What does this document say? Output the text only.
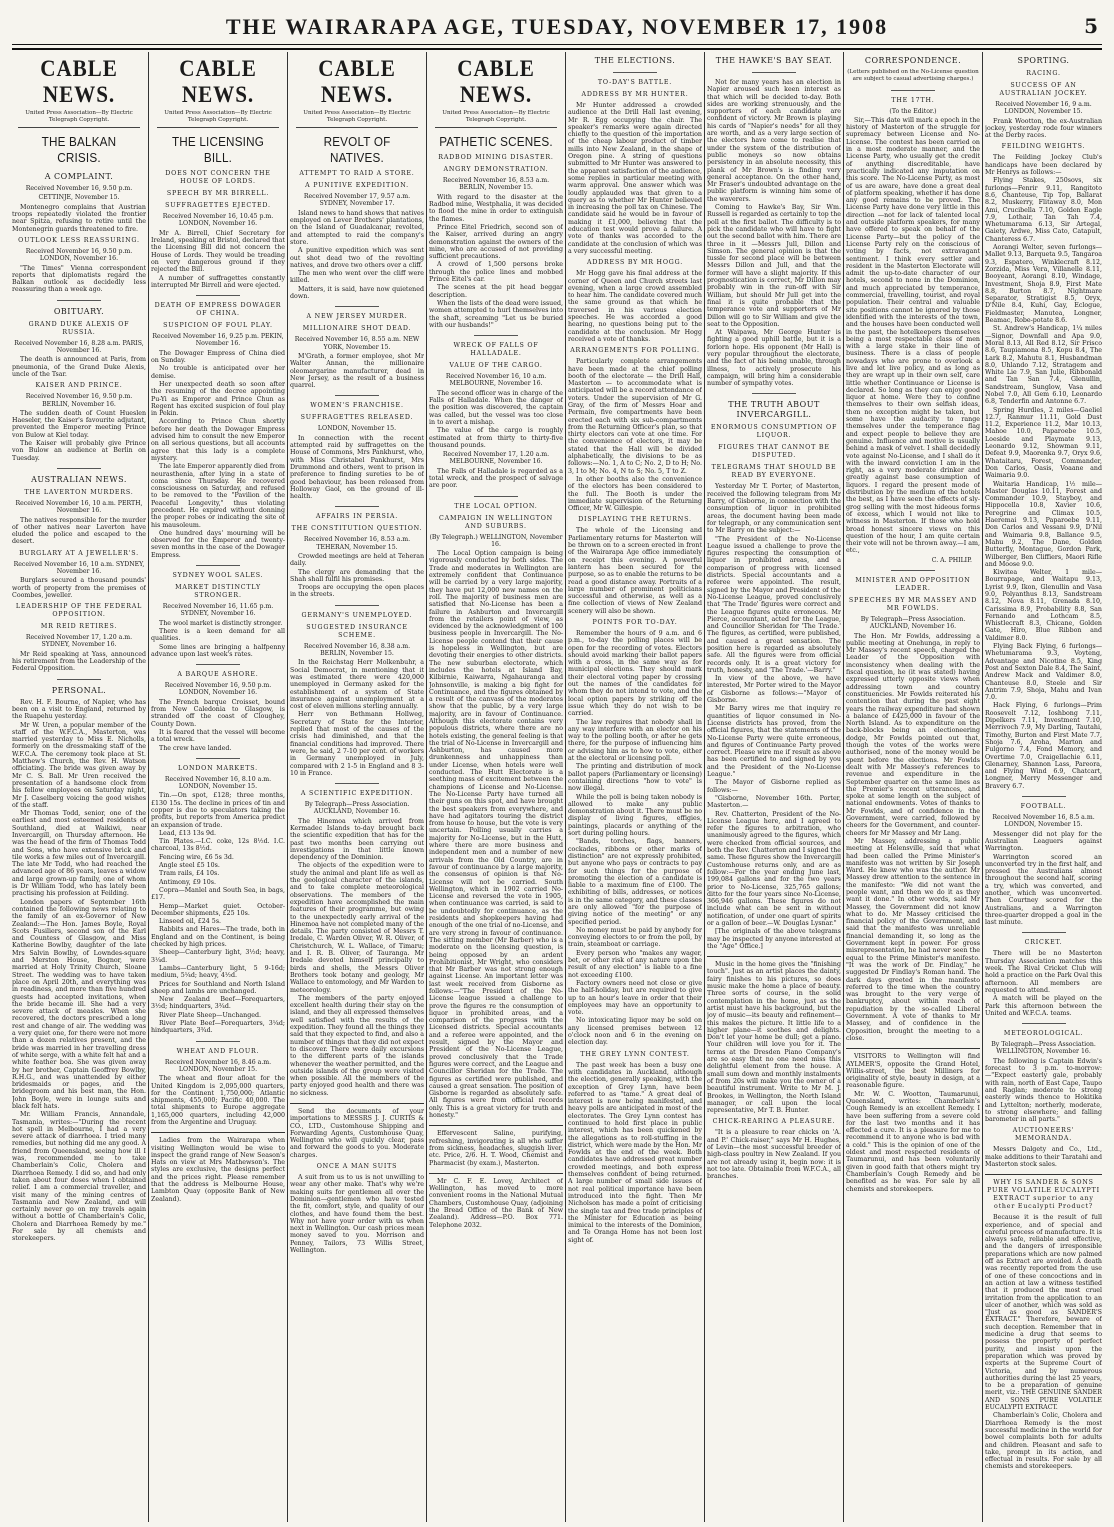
THE WAIRARAPA AGE, TUESDAY, NOVEMBER 17, 1908	5
CABLE NEWS.
United Press Association—By Electric Telegraph Copyright.
THE BALKAN CRISIS.
A COMPLAINT.
Received November 16, 9.50 p.m.
CETTINJE, November 15.

Montenegro complains that Austrian troops repeatedly violated the frontier near Spitza, refusing to retire until the Montenegrin guards threatened to fire.

OUTLOOK LESS REASSURING.
Received November 16, 9.50 p.m. LONDON, November 16.

"The Times" Vienna correspondent reports that diplomatists regard the Balkan outlook as decidedly less reassuring than a week ago.

OBITUARY.
GRAND DUKE ALEXIS OF RUSSIA.
Received November 16, 8.28 a.m. PARIS, November 16.

The death is announced at Paris, from pneumonia, of the Grand Duke Alexis, uncle of the Tsar.

KAISER AND PRINCE.
Received November 16, 9.50 p.m. BERLIN, November 16.

The sudden death of Count Hueslen Haeseler, the Kaiser's favourite adjutant, prevented the Emperor meeting Prince von Bulow at Kiel today.

The Kaiser will probably give Prince von Bulow an audience at Berlin on Tuesday.

AUSTRALIAN NEWS.
THE LAVERTON MURDERS.
Received November 16, 10 a.m. PERTH, November 16.

The natives responsible for the murder of other natives near Laverton have eluded the police and escaped to the desert.

BURGLARY AT A JEWELLER'S.
Received November 16, 10 a.m. SYDNEY, November 16.

Burglars secured a thousand pounds' worth of property from the premises of Coombes, jeweller.

LEADERSHIP OF THE FEDERAL OPPOSITION.
MR REID RETIRES.
Received November 17, 1.20 a.m. SYDNEY, November 16.

Mr Reid speaking at Yass, announced his retirement from the Leadership of the Federal Opposition.

PERSONAL.

Rev. H. F. Bourne, of Napier, who has been on a visit to England, returned by the Ruapehu yesterday.

Mr W. Uren, a popular member of the staff of the W.F.C.A., Masterton, was married yesterday to Miss E. Nicholls, formerly on the dressmaking staff of the W.F.C.A. The ceremony took place at St. Matthew's Church, the Rev. H. Watson officiating. The bride was given away by Mr C. S. Ball. Mr Uren received the presentation of a handsome clock from his fellow employees on Saturday night, Mr J. Caselberg voicing the good wishes of the staff.

Mr Thomas Todd, senior, one of the earliest and most esteemed residents of Southland, died at Waikiwi, near Invercargill, on Thursday afternoon. He was the head of the firm of Thomas Todd and Sons, who have extensive brick and tile works a few miles out of Invercargill. The late Mr Todd, who had reached the advanced age of 86 years, leaves a widow and large grown-up family, one of whom is Dr William Todd, who has lately been practising his profession at Feilding.

London papers of September 16th contained the following news relating to the family of an ex-Governor of New Zealand:—The Hon. James Boyle, Royal Scots Fusiliers, second son of the Earl and Countess of Glasgow, and Miss Katherine Bowlby, daughter of the late Mrs Salvin Bowlby, of Lowndes-square and Merston House, Bognor, were married at Holy Trinity Church, Sloane Street. The wedding was to have taken place on April 20th, and everything was in readiness, and more than five hundred guests had accepted invitations, when the bride became ill. She had a very severe attack of measles. When she recovered, the doctors prescribed a long rest and change of air. The wedding was a very quiet one, for there were not more than a dozen relatives present, and the bride was married in her travelling dress of white serge, with a white felt hat and a white feather boa. She was given away by her brother, Captain Geoffrey Bowlby, R.H.G., and was unattended by either bridesmaids or pages, and the bridegroom and his best man, the Hon. John Boyle, were in lounge suits and black felt hats.

Mr. William Francis, Annandale, Tasmania, writes:—"During the recent hot spell in Melbourne, I had a very severe attack of diarrhoea. I tried many remedies, but nothing did me any good. A friend from Queensland, seeing how ill I was, recommended me to take Chamberlain's Colic, Cholera and Diarrhoea Remedy. I did so, and had only taken about four doses when I obtained relief. I am a commercial traveller, and visit many of the mining centres of Tasmania and New Zealand, and will certainly never go on my travels again without a bottle of Chamberlain's Colic, Cholera and Diarrhoea Remedy by me." For sale by all chemists and storekeepers.

CABLE NEWS.
United Press Association—By Electric Telegraph Copyright.
THE LICENSING BILL.
DOES NOT CONCERN THE HOUSE OF LORDS.
SPEECH BY MR BIRRELL.
SUFFRAGETTES EJECTED.
Received November 16, 10.45 p.m. LONDON, November 16.

Mr A. Birrell, Chief Secretary for Ireland, speaking at Bristol, declared that the Licensing Bill did not concern the House of Lords. They would be treading on very dangerous ground if they rejected the Bill.

A number of suffragettes constantly interrupted Mr Birrell and were ejected.

DEATH OF EMPRESS DOWAGER OF CHINA.
SUSPICION OF FOUL PLAY.
Received November 16, 9.25 p.m. PEKIN, November 16.

The Dowager Empress of China died on Sunday.

No trouble is anticipated over her demise.

Her unexpected death so soon after the resuming of the decree appointing Pu-Yi as Emperor and Prince Chun as Regent has excited suspicion of foul play in Pekin.

According to Prince Chun shortly before her death the Dowager Empress advised him to consult the new Emperor on all serious questions, but all accounts agree that this lady is a complete mystery.

The late Emperor apparently died from neurasthenia, after lying in a state of coma since Thursday. He recovered consciousness on Saturday, and refused to be removed to the "Pavilion of the Peaceful Longevity," thus violating precedent. He expired without donning the proper robes or indicating the site of his mausoleum.

One hundred days' mourning will be observed for the Emperor and twenty-seven months in the case of the Dowager Empress.

SYDNEY WOOL SALES.
MARKET DISTINCTLY STRONGER.
Received November 16, 11.65 p.m. SYDNEY, November 16.

The wool market is distinctly stronger.

There is a keen demand for all qualities.

Some lines are bringing a halfpenny advance upon last week's rates.

A BARQUE ASHORE.
Received November 16, 9.50 p.m. LONDON, November 16.

The French barque Croisset, bound from New Caledonia to Glasgow, is stranded off the coast of Cloughey, County Down.

It is feared that the vessel will become a total wreck.

The crew have landed.

LONDON MARKETS.
Received November 16, 8.10 a.m. LONDON, November 15.

Tin.—On spot, £128; three months, £130 15s. The decline in prices of tin and copper is due to speculators taking the profits, but reports from America predict an expansion of trade.

Lead, £13 13s 9d.

Tin Plates.—I.C. coke, 12s 8½d. I.C. charcoal, 13s 8½d.

Fencing wire, £6 5s 3d.

Angle steel £5 10s.

Tram rails, £4 10s.

Antimony, £9 10s.

Copra—Manlel and South Sea, in bags, £17.

Hemp—Market quiet. October-December shipments, £25 10s.

Linseed oil, £24 5s.

Rabbits and Hares—The trade, both in England and on the Continent, is being checked by high prices.

Sheep—Canterbury light, 3½d; heavy, 3¼d.

Lambs—Canterbury light, 5 9-16d; medium, 5¼d; heavy, 4½d.

Prices for Southland and North Island sheep and lambs are unchanged.

New Zealand Beef—Forequarters, 3½d; hindquarters, 3¾d.

River Plate Sheep—Unchanged.

River Plate Beef—Forequarters, 3¼d; hindquarters, 3¾d.

WHEAT AND FLOUR.
Received November 16, 8.46 a.m. LONDON, November 15.

The wheat and flour afloat for the United Kingdom is 2,095,000 quarters, for the Continent 1,750,000; Atlantic shipments, 455,000; Pacific 40,000. The total shipments to Europe aggregate 1,165,000 quarters, including 42,000 from the Argentine and Uruguay.

Ladies from the Wairarapa when visiting Wellington would be wise to inspect the grand range of New Season's Hats on view at Mrs Mathewson's. The styles are exclusive, the designs perfect and the prices right. Please remember that the address is Melbourne House, Lambton Quay (opposite Bank of New Zealand).

CABLE NEWS.
United Press Association—By Electric Telegraph Copyright.
REVOLT OF NATIVES.
ATTEMPT TO RAID A STORE.
A PUNITIVE EXPEDITION.
Received November 17, 9.57 a.m. SYDNEY, November 17.

Island news to hand shows that natives employed on Lever Brothers' plantations, on the Island of Guadalcanar, revolted, and attempted to raid the company's store.

A punitive expedition which was sent out shot dead two of the revolting natives, and drove two others over a cliff.

The men who went over the cliff were killed.

Matters, it is said, have now quietened down.

A NEW JERSEY MURDER.
MILLIONAIRE SHOT DEAD.
Received November 16, 8.55 a.m. NEW YORK, November 15.

M'Grath, a former employee, shot Mr Walter Annan, the millionaire oleomargarine manufacturer, dead in New Jersey, as the result of a business quarrel.

WOMEN'S FRANCHISE.
SUFFRAGETTES RELEASED.
LONDON, November 15.

In connection with the recent attempted raid by suffragettes on the House of Commons, Mrs Pankhurst, who, with Miss Christabel Pankhurst, Mrs Drummond and others, went to prison in preference to finding sureties to be of good behaviour, has been released from Holloway Gaol, on the ground of ill-health.

AFFAIRS IN PERSIA.
THE CONSTITUTION QUESTION.
Received November 16, 8.53 a.m. TEHERAN, November 15.

Crowded meetings are held at Teheran daily.

The clergy are demanding that the Shah shall fulfil his promises.

Troops are occupying the open places in the streets.

GERMANY'S UNEMPLOYED.
SUGGESTED INSURANCE SCHEME.
Received November 16, 8.38 a.m. BERLIN, November 15.

In the Reichstag Herr Molkenbuhr, a Social Democrat, in mentioning that it was estimated there were 420,000 unemployed in Germany asked for the establishment of a system of State insurance against unemployment at a cost of eleven millions sterling annually.

Herr von Bethmann Hollweg, Secretary of State for the Interior, replied that most of the causes of the crisis had diminished, and that the financial conditions had improved. There were, he said, 2 7-10 per cent. of workers in Germany unemployed in July, compared with 2 1-5 in England and 8 3-10 in France.

A SCIENTIFIC EXPEDITION.
By Telegraph—Press Association. AUCKLAND, November 16.

The Hinemoa which arrived from Kermadec Islands to-day brought back the scientific expedition that has for the past two months been carrying out investigations in that little known dependency of the Dominion.

The objects of the expedition were to study the animal and plant life as well as the geological character of the islands, and to take complete meteorological observations. The members of the expedition have accomplished the main features of their programme, but owing to the unexpectedly early arrival of the Hinemoa have not completed many of the details. The party consisted of Messrs T. Iredale, C. Warden Oliver, W. R. Oliver, of Christchurch, W. L. Wallace, of Timaru; and I. R. B. Oliver, of Tauranga. Mr Iredale devoted himself principally to birds and shells, the Messrs Oliver Brothers took botany and geology, Mr Wallace to entomology, and Mr Warden to meteorology.

The members of the party enjoyed excellent health during their stay on the island, and they all expressed themselves well satisfied with the results of the expedition. They found all the things they said that they expected to find, and also a number of things that they did not expect to discover. There were daily excursions to the different parts of the islands whenever the weather permitted, and the outside islands of the group were visited when possible. All the members of the party enjoyed good health and there was no sickness.

Send the documents of your importations to MESSRS J. J. CURTIS & CO., LTD., Customhouse Shipping and Forwarding Agents, Customhouse Quay, Wellington who will quickly clear, pass and forward the goods to you. Moderate charges.

ONCE A MAN SUITS

A suit from us to us is not unwilling to wear any other make. That's why we're making suits for gentlemen all over the Dominion—gentlemen who have tested the fit, comfort, style, and quality of our clothes, and have found them the best. Why not have your order with us when next in Wellington. Our cash prices mean money saved to you. Morrison and Penney, Tailors, 73 Willis Street, Wellington.

CABLE NEWS.
United Press Association—By Electric Telegraph Copyright.
PATHETIC SCENES.
RADBOD MINING DISASTER.
ANGRY DEMONSTRATION.
Received November 16, 8.53 a.m. BERLIN, November 15.

With regard to the disaster at the Radbod mine, Westphalia, it was decided to flood the mine in order to extinguish the flames.

Prince Eitel Friedrich, second son of the Kaiser, arrived during an angry demonstration against the owners of the mine, who are accused of not providing sufficient precautions.

A crowd of 1,500 persons broke through the police lines and mobbed Prince Eitel's car.

The scenes at the pit head beggar description.

When the lists of the dead were issued, women attempted to hurl themselves into the shaft, screaming "Let us be buried with our husbands!"

WRECK OF FALLS OF HALLADALE.
VALUE OF THE CARGO.
Received November 16, 10 a.m. MELBOURNE, November 16.

The second officer was in charge of the Falls of Halladale. When the danger of the position was discovered, the captain was called, but the vessel was too close in to avert a mishap.

The value of the cargo is roughly estimated at from thirty to thirty-five thousand pounds.

Received November 17, 1.20 a.m. MELBOURNE, November 16.

The Falls of Halladale is regarded as a total wreck, and the prospect of salvage are poor.

THE LOCAL OPTION.
CAMPAIGN IN WELLINGTON AND SUBURBS.
(By Telegraph.) WELLINGTON, November 16.

The Local Option campaign is being vigorously conducted by both sides. The Trade and moderates in Wellington are extremely confident that Continuance will be carried by a very large majority, they have put 12,000 new names on the roll. The majority of business men are satisfied that No-License has been a failure in Ashburton and Invercargill from the retailers point of view, as evidenced by the acknowledgment of 100 business people in Invercargill. The No-License people contend that their cause is hopeless in Wellington, but are devoting their energies to other districts. The new suburban electorate, which includes the hotels at Island Bay, Kilbirnie, Kaiwarra, Ngahauranga and Johnsonville, is making a big fight for Continuance, and the figures obtained by a result of the canvass of the moderates show that the public, by a very large majority, are in favour of Continuance. Although this electorate contains very populous districts, where there are no hotels existing, the general feeling is that the trial of No-License in Invercargill and Ashburton, has caused more drunkenness and unhappiness than under License, when hotels were well conducted. The Hutt Electorate is a seething mass of excitement between the champions of License and No-License. The No-License Party have turned all their guns on this spot, and have brought the best speakers from everywhere, and have had agitators touring the district from house to house, but the vote is very uncertain. Polling usually carries a majority for No-License, but in the Hutt, where there are more business and independent men and a number of new arrivals from the Old Country, are in favour of continuance by a large majority, the consensus of opinion is that No-License will not be carried. South Wellington, which in 1902 carried No-License and reversed the vote in 1905, when continuance was carried, is said to be undoubtedly for continuance, as the residents and shopkeepers having had enough of the one trial of no-License, and are very strong in favour of continuance. The sitting member (Mr Barber) who is a moderate on the licensing question, is being opposed by an ardent Prohibitionist, Mr Wright, who considers that Mr Barber was not strong enough against License. An important letter was last week received from Gisborne as follows:—"The President of the No-License league issued a challenge to prove the figures re the consumption of liquor in prohibited areas, and a comparison of the progress with the Licensed districts. Special accountants and a referee were appointed, and the result, signed by the Mayor and President of the No-License League, proved conclusively that the Trade figures were correct, and the League and Councillor Sheridan for the Trade. The figures as certified were published, and caused a great sensation. The position of Gisborne is regarded as absolutely safe. All figures were from official records only. This is a great victory for truth and honesty."

Effervescent Saline, purifying, refreshing, invigorating is all who suffer from sickness, headaches, sluggish liver, etc. Price, 2/6. H. T. Wood, Chemist and Pharmacist (by exam.), Masterton.

Mr C. F. E. Lovey, Architect of Wellington, has moved to more convenient rooms in the National Mutual Chambers, Customhouse Quay, (adjoining the Bread Office of the Bank of New Zealand). Address—P.O. Box 771. Telephone 2032.

THE ELECTIONS.
TO-DAY'S BATTLE.
ADDRESS BY MR HUNTER.

Mr Hunter addressed a crowded audience at the Drill Hall last evening, Mr R. Egg occupying the chair. The speaker's remarks were again directed chiefly to the question of the importation of the cheap labour product of timber mills into New Zealand, in the shape of Oregon pine. A string of questions submitted to Mr Hunter was answered to the apparent satisfaction of the audience, some replies in particular meeting with warm approval. One answer which was loudly applauded was that given to a query as to whether Mr Hunter believed in increasing the poll tax on Chinese. The candidate said he would be in favour of making it £1,000, believing that the education test would prove a failure. A vote of thanks was accorded to the candidate at the conclusion of which was a very successful meeting.

ADDRESS BY MR HOGG.

Mr Hogg gave his final address at the corner of Queen and Church streets last evening, when a large crowd assembled to hear him. The candidate covered much the same ground as that which he traversed in his various election speeches. He was accorded a good hearing, no questions being put to the candidate at the conclusion. Mr Hogg received a vote of thanks.

ARRANGEMENTS FOR POLLING.

Particularly complete arrangements have been made at the chief polling booth of the electorate — the Drill Hall, Masterton — to accommodate what is anticipated will be a record attendance of voters. Under the supervision of Mr G. Gray, of the firm of Messrs Hoar and Permain, five compartments have been erected each with six sub-compartments from the Returning Officer's plan, so that thirty electors can vote at one time. For the convenience of electors, it may be stated that the Hall will be divided alphabetically, the divisions to be as follows:—No. 1, A to C; No. 2, D to H; No. 3, I to M; No. 4, N to S; No. 5, T to Z.

In other booths also the convenience of the electors has been considered to the full. The Booth is under the immediate supervision of the Returning Officer, Mr W. Gillespie.

DISPLAYING THE RETURNS.

The whole of the Licensing and Parliamentary returns for Masterton will be thrown on to a screen erected in front of the Wairarapa Age office immediately on receipt this evening. A powerful lantern has been secured for the purpose, so as to enable the returns to be read a good distance away. Portraits of a large number of prominent politicians successful and otherwise, as well as a fine collection of views of New Zealand scenery will also be shown.

POINTS FOR TO-DAY.

Remember the hours of 9 a.m. and 6 p.m., to-day the polling places will be open for the recording of votes. Electors should avoid marking their ballot papers with a cross, in the same way as for municipal elections. They should mark their electoral voting paper by crossing out the names of the candidates for whom they do not intend to vote, and the local option papers by striking off the issue which they do not wish to be carried.

The law requires that nobody shall in any way interfere with an elector on his way to the polling booth, or after he gets there, for the purpose of influencing him or advising him as to how to vote, either at the electoral or licensing poll.

The printing and distribution of mock ballot papers (Parliamentary or licensing) containing directions "how to vote" is now illegal.

While the poll is being taken nobody is allowed to make any public demonstration about it. There must be no display of living figures, effigies, paintings, placards or anything of the sort during polling hours.

"Bands, torches, flags, banners, cockades, ribbons or other marks of distinction" are not expressly prohibited, but anyone who pays or contracts to pay for such things for the purpose of promoting the election of a candidate is liable to a maximum fine of £100. The exhibiting of bills, addresses, or notices is in the same category, and these classes are only allowed "for the purpose of giving notice of the meeting" or any specified period.

No money must be paid by anybody for conveying electors to or from the poll, by train, steamboat or carriage.

Every person who "makes any wager, bet, or other risk of any nature upon the result of any election" is liable to a fine not exceeding £100.

Factory owners need not close or give the half-holiday, but are required to give up to an hour's leave in order that their employees may have an opportunity to vote.

No intoxicating liquor may be sold on any licensed premises between 12 o'clock noon and 6 in the evening on election day.

THE GREY LYNN CONTEST.

The past week has been a busy one with candidates in Auckland, although the election, generally speaking, with the exception of Grey Lynn, have been referred to as "tame." A great deal of interest is now being manifested, and heavy polls are anticipated in most of the electorates. The Grey Lynn contest has continued to hold first place in public interest, which has been quickened by the allegations as to roll-stuffing in the district, which were made by the Hon. Mr Fowlds at the end of the week. Both candidates have addressed great number crowded meetings, and both express themselves confident of being returned. A large number of small side issues of not real political importance have been introduced into the fight. Then Mr Nicholson has made a point of criticising the single tax and free trade principles of the Minister for Education as being inimical to the interests of the Dominion, and Te Oranga Home has not been lost sight of.

THE HAWKE'S BAY SEAT.

Not for many years has an election in Napier aroused such keen interest as that which will be decided to-day. Both sides are working strenuously, and the supporters of each candidate are confident of victory. Mr Brown is playing his cards of "Napier's needs" for all they are worth, and as a very large section of the electors have come to realise that under the system of the distribution of public moneys so now obtains persistency in an absolute necessity, this plank of Mr Brown's is finding very general acceptance. On the other hand, Mr Fraser's undoubted advantage on the public platform is winning him some of the waverers.

Coming to Hawke's Bay, Sir Wm. Russell is regarded as certainly to top the poll at the first ballot. The difficulty is to pick the candidate who will have to fight out the second ballot with him. There are three in it —Messrs Jull, Dillon and Simson. The general opinion is that the tussle for second place will be between Messrs Dillon and Jull, and that the former will have a slight majority. If this prognostication is correct, Mr Dillon may probably win in the run-off with Sir William, but should Mr Jull get into the final it is quite probable that the temperance vote and supporters of Mr Dillon will go to Sir William and give the seat to the Opposition.

At Waipawa, Mr George Hunter is fighting a good uphill battle, but it is a forlorn hope. His opponent (Mr Hall) is very popular throughout the electorate, and the fact of his being unable, through illness, to actively prosecute his campaign, will bring him a considerable number of sympathy votes.

THE TRUTH ABOUT INVERCARGILL.
ENORMOUS CONSUMPTION OF LIQUOR.
FIGURES THAT CANNOT BE DISPUTED.
TELEGRAMS THAT SHOULD BE READ BY EVERYONE.

Yesterday Mr T. Porter, of Masterton, received the following telegram from Mr Barry, of Gisborne, in connection with the consumption of liquor in prohibited areas, the document having been made for telegraph, or any communication sent to Mr Barry on the subject:—

"The President of the No-License League issued a challenge to prove the figures respecting the consumption of liquor in prohibited areas, and a comparison of progress with licensed districts. Special accountants and a referee were appointed. The result, signed by the Mayor and President of the No-License League, proved conclusively that 'The Trade' figures were correct and the League figures quite erroneous. Mr Pierce, accountant, acted for the League, and Councillor Sheridan for 'The Trade.' The figures, as certified, were published, and caused a great sensation. The position here is regarded as absolutely safe. All the figures were from official records only. It is a great victory for truth, honesty, and 'The Trade.'—Barry."

In view of the above, we have interested, Mr Porter wired to the Mayor of Gisborne as follows:—"Mayor of Gisborne.

Mr Barry wires me that inquiry re quantities of liquor consumed in No-License districts has proved, from the official figures, that the statements of the No-License Party were quite erroneous, and figures of Continuance Party proved correct. Please wire me if result as above has been certified to and signed by you and the President of the No-License League."

The Mayor of Gisborne replied as follows:—

"Gisborne, November 16th. Porter, Masterton.—

Rev. Chatterton, President of the No-License League here, and I agreed to refer the figures to arbitration, who unanimously agreed to the figures, which were checked from official sources, and both the Rev. Chatterton and I signed the same. These figures show the Invercargill Customhouse returns only, and are as follow:—For the year ending June last, 199,084 gallons and for the two years prior to No-License, 325,765 gallons; ditto for the four years since No-License, 366,946 gallons. These figures do not include what can be sent in without notification, of under one quart of spirits or a gallon of beer.—W. Douglas Lysnar."

[The originals of the above telegrams may be inspected by anyone interested at the "Age" Office.]

Music in the home gives the "finishing touch". Just as an artist places the dainty, fairy finishes to his pictures, so does music make the home a place of beauty. Three sorts of course, in the solid contemplation in the home, just as the artist must have his background, but the joy of music—its beauty and refinement—this makes the picture. It little life to a higher plane—it soothes and delights. Don't let your home be dull; get a piano. Your children will love you for it. The terms at the Dresden Piano Company's are so easy that no one need miss this delightful element from the house. A small sum down and monthly instalments of from 20s will make you the owner of a beautiful instrument. Write to Mr M. J. Brookes, in Wellington, the North Island manager, or call upon the local representative, Mr T. B. Hunter.

CHICK-REARING A PLEASURE.

"It is a pleasure to rear chicks on 'A. and P.' Chick-raiser," says Mr H. Hughes, of Levin—the most successful breeder of high-class poultry in New Zealand. If you are not already using it, begin now: it is not too late. Obtainable from W.F.C.A., all branches.

CORRESPONDENCE.
(Letters published on the No-License question are subject to casual advertising charges.)
THE 17TH.
(To the Editor.)

Sir,—This date will mark a epoch in the history of Masterton of the struggle for supremacy between License and No-License. The contest has been carried on in a most moderate manner, and the License Party, who usually get the credit of anything discreditable, have practically indicated any imputation on this score. The No-License Party, as most of us are aware, have done a great deal of platform speaking, whether it has done any good remains to be proved. The License Party have done very little in this direction —not for lack of talented local and outside platform speakers, for many have offered to speak on behalf of the License Party—but the policy of the License Party rely on the conscious of voting by facts, not extravagant sentiment. I think every settler and resident in the Masterton Electorate will admit the up-to-date character of our hotels, second to none in the Dominion, and much appreciated by temperance, commercial, travelling, tourist, and royal population. Their central and valuable site positions cannot be ignored by those identified with the interests of the town, and the houses have been conducted well in the past, the hotelkeepers themselves being a most respectable class of men with a large stake in their line of business. There is a class of people nowadays who are prone to overlook a live and let live policy, and as long as they are wrapt up in their own self, care little whether Continuance or License is declared. So long as they can enjoy good liquor at home. Were they to confine themselves to their own selfish ideas, then no exception might be taken, but some have the audacity to range themselves under the temperance flag and expect people to believe they are genuine. Influence and motive is usually behind a mask of velvet. I shall decidedly vote against No-License, and I shall do it with the inward conviction I am in the right, as a very moderate drinker and greatly against base consumption of liquors. I regard the present mode of distribution by the medium of the hotels the best, as I have seen the effects of sly-grog selling with the most hideous forms of excess, which I would not like to witness in Masterton. If those who hold broad honest sincere views on this question of the hour, I am quite certain their vote will not be thrown away.—I am, etc.,

C. A. PHILIP.
MINISTER AND OPPOSITION LEADER.
SPEECHES BY MR MASSEY AND MR FOWLDS.
By Telegraph—Press Association. AUCKLAND, November 16.

The Hon. Mr Fowlds, addressing a public meeting at Onehunga, in reply to Mr Massey's recent speech, charged the Leader of the Opposition with inconsistency when dealing with the fiscal question, he (it was stated) having expressed utterly opposite views when addressing town and country constituencies. Mr Fowlds reiterated his contention that during the past eight years the railway expenditure had shown a balance of £425,000 in favour of the North Island. As to expenditure on the back-blocks being an electioneering dodge, Mr Fowlds pointed out that, though the votes of the works were authorised, none of the money would be spent before the elections. Mr Fowlds dealt with Mr Massey's references to revenue and expenditure in the September quarter on the same lines as the Premier's recent utterances, and spoke at some length on the subject of national endowments. Votes of thanks to Mr Fowlds, and of confidence in the Government, were carried, followed by cheers for the Government, and counter-cheers for Mr Massey and Mr Lang.

Mr Massey, addressing a public meeting at Helensville, said that what had been called the Prime Minister's manifesto was not written by Sir Joseph Ward. He knew who was the author. Mr Massey drew attention to the sentence in the manifesto: "We did not want the people want, and then we do it as they want it done." In other words, said Mr Massey, the Government did not know what to do. Mr Massey criticised the financial policy of the Government, and said that the manifesto was unreliable financial demanding it, so long as the Government kept in power. For gross misrepresentation, he had never seen the equal to the Prime Minister's manifesto. "It was the work of Dr. Findlay," he suggested Dr Findlay's Roman hand. The dark days greeted in the manifesto referred to the time when the country was brought to the very verge of bankruptcy, about within reach of repudiation by the so-called Liberal Government. A vote of thanks to Mr Massey, and of confidence in the Opposition, brought the meeting to a close.

VISITORS to Wellington will find AYLMER'S, opposite the Grand Hotel, Willis-street, the best Milliners for originality of style, beauty in design, at a reasonable figure.

Mr. W. C. Wootton, Taumarunui, Queensland, writes: Chamberlain's Cough Remedy is an excellent Remedy. I have been suffering from a severe cold for the last two months and it has effected a cure. It is a pleasure for me to recommend it to anyone who is bad with a cold." This is the opinion of one of the oldest and most respected residents of Taumarunui, and has been voluntarily given in good faith that others might try Chamberlain's Cough Remedy and be benefited as he was. For sale by all chemists and storekeepers.

SPORTING.
RACING.
SUCCESS OF AN AUSTRALIAN JOCKEY.
Received November 16, 9 a.m. LONDON, November 15.

Frank Wootton, the ex-Australian jockey, yesterday rode four winners at the Derby races.

FEILDING WEIGHTS.

The Feilding Jockey Club's handicaps have been declared by Mr Henrys as follows:—

Flying Stakes, 250sovs, six furlongs—Fenrir 9.11, Rangitoto 8.6, Chanteuse, Tip Top, Ballarat 8.2, Muskerry, Flitaway 8.0, Mon Ami, Crucibella 7.10, Golden Eagle 7.9, Lothair, Tan Tah 7.4, Whetumarama 6.13, Sir Artegal, Gaiety, Ardwe, Miss Cato, Catapult, Chanteress 6.7.

Aorangi Welter, seven furlongs—Mallet 9.13, Barqueta 9.5, Tangaroa 9.3, Espatero, Winklecraft 8.12, Zorzida, Miss Vera, Villanelle 8.11, Booyeant, Aorangi 8.10, Windage, Investment, Shoja 8.9, First Mate 8.8, Burton 8.7, Nightmare Separator, Stratigist 8.5, Oryx, D'Nile 8.4, Kuhi, Gay, Eclogue, Fieldmaster, Manutea, Longner, Beamac, Robe-potate 8.6.

St. Andrew's Handicap, 1¼ miles—Signor, Downfall and Apa 9.0, Moral 8.13, All Red 8.12, Sir Frisco 8.6, Taupiamona 8.5, Kopu 8.4, The Lark 8.2, Mahutu 8.1, Husbandman 8.0, Uhlando 7.12, Stratagem and White Lie 7.9, San Julie, Ribbonald and Tan San 7.4, Glenullin, Sandstream, Sunglow, Vasa and Nobel 7.0, All Gem 6.10, Leonardo 6.8, Tenderfin and Antonne 6.7.

Spring Hurdles, 2 miles—Gaeliel 12.7, Ranmur 11.11, Gold Dust 11.2, Experience 11.2, Mar 10.13, Mahoe 10.0, Paparoebe 10.5, Loeside and Playmate 9.13, Leonardo 9.12, Showman 9.11, Defeat 9.9, Maorenka 9.7, Oryx 9.6, Whataitaru, Forest, Commander, Don Carlos, Oasis, Voaane and Waimaria 9.0.

Waitaria Handicap, 1½ mile—Master Douglas 10.11, Forest and Commander 10.9, Stayboy, and Hippocella 10.8, Xavier 10.6, Peregrine and Climax 10.5, Haeremai 9.13, Paparoebe 9.11, Don Carlos and Vessani 9.9, D'Nil and Waimaria 9.8, Ballance 9.5, Mahu 9.2, The Dane, Golden Butterfly, Montague, Gordon Park, Wilberger, Ben Cliffiers, Maori Rifle and Moose 9.0.

Kiwitea Welter, 1 mile—Bourrapage, and Waitapu 9.13, Lyrist 9.9, Ikon, Glenullin and Vasa 9.0, Polyanthus 8.13, Sandstream 8.12, Nova 8.11, Grenada 8.10, Carissima 8.9, Probability 8.8, San Fernando and Lothcam 8.5, Whistlecraft 8.3, Chicane, Golden Gate, Hiro, Blue Ribbon and Valdimer 8.0.

Flying Back Flying, 6 furlongs—Whetumarama 9.3, Voyteng, Advantage and Nicotine 8.5, King Post and Sexton Dale 8.4, The Saint, Andrew Mack and Valdimer 8.0, Chanteuse 8.0, Steele and Sir Antrim 7.9, Shoja, Mahu and Ivan 7.0.

Hack Flying, 6 furlongs—Prim Roosevelt 7.12, Ioshbong 7.11, Dipelkers 7.11, Investment 7.10, Merrivoch 7.9, My Darling, Tautahi, Timothy, Burton and First Mate 7.7, Shoja 7.6, Aroha, Marton and Fulgorno 7.4, Fond Memory, and Overtime 7.0, Craigellachie 6.11, Glenarney, Shannon Lass, Pareora, and Flying Wind 6.9, Chatcart, Longner, Merry Messenger and Bravery 6.7.

FOOTBALL.
Received November 16, 8.5 a.m. LONDON, November 15.

Messenger did not play for the Australian Leaguers against Warrington.

Warrington scored an unconverted try in the first half, and pressed the Australians almost throughout the second half, scoring a try, which was converted, and another, which was unconverted. Then Courtney scored for the Australians, and a Warrington three-quarter dropped a goal in the last minute.

CRICKET.

There will be no Masterton Thursday Association matches this week. The Rival Cricket Club will hold a practice on the Park Oval this afternoon. All members are requested to attend.

A match will be played on the Park this afternoon between the United and W.F.C.A. teams.

METEOROLOGICAL.
By Telegraph—Press Association. WELLINGTON, November 16.

The following is Captain Edwin's forecast to 3 p.m. to-morrow:—"Expect easterly gale, probably with rain, north of East Cape, Taupo and Raglan; moderate to strong easterly winds thence to Hokitika and Lyttelton; northerly, moderate, to strong elsewhere; and falling barometer in all parts."

AUCTIONEERS' MEMORANDA.

Messrs Dalgety and Co., Ltd., make additions to their Taratahi and Masterton stock sales.

WHY IS SANDER & SONS PURE VOLATILE EUCALYPTI EXTRACT superior to any other Eucalypti Product?

Because it is the result of full experience, and of special and careful process of manufacture. It is always safe, reliable and effective, and the dangers of irresponsible preparations which are now palmed off as Extract are avoided. A death was recently reported from the use of one of these concoctions and in an action at law a witness testified that it produced the most cruel irritation from the application to an ulcer of another, which was sold as "Just as good as SANDER'S EXTRACT." Therefore, beware of such deception. Remember that in medicine a drug that seems to possess the property of perfect purity, and insist upon the preparation which was proved by experts at the Supreme Court of Victoria, and by numerous authorities during the last 25 years, to be a preparation of genuine merit, viz.: THE GENUINE SANDER AND SONS PURE VOLATILE EUCALYPTI EXTRACT.

Chamberlain's Colic, Cholera and Diarrhoea Remedy is the most successful medicine in the world for bowel complaints both for adults and children. Pleasant and safe to take, prompt in its action, and effectual in results. For sale by all chemists and storekeepers.
